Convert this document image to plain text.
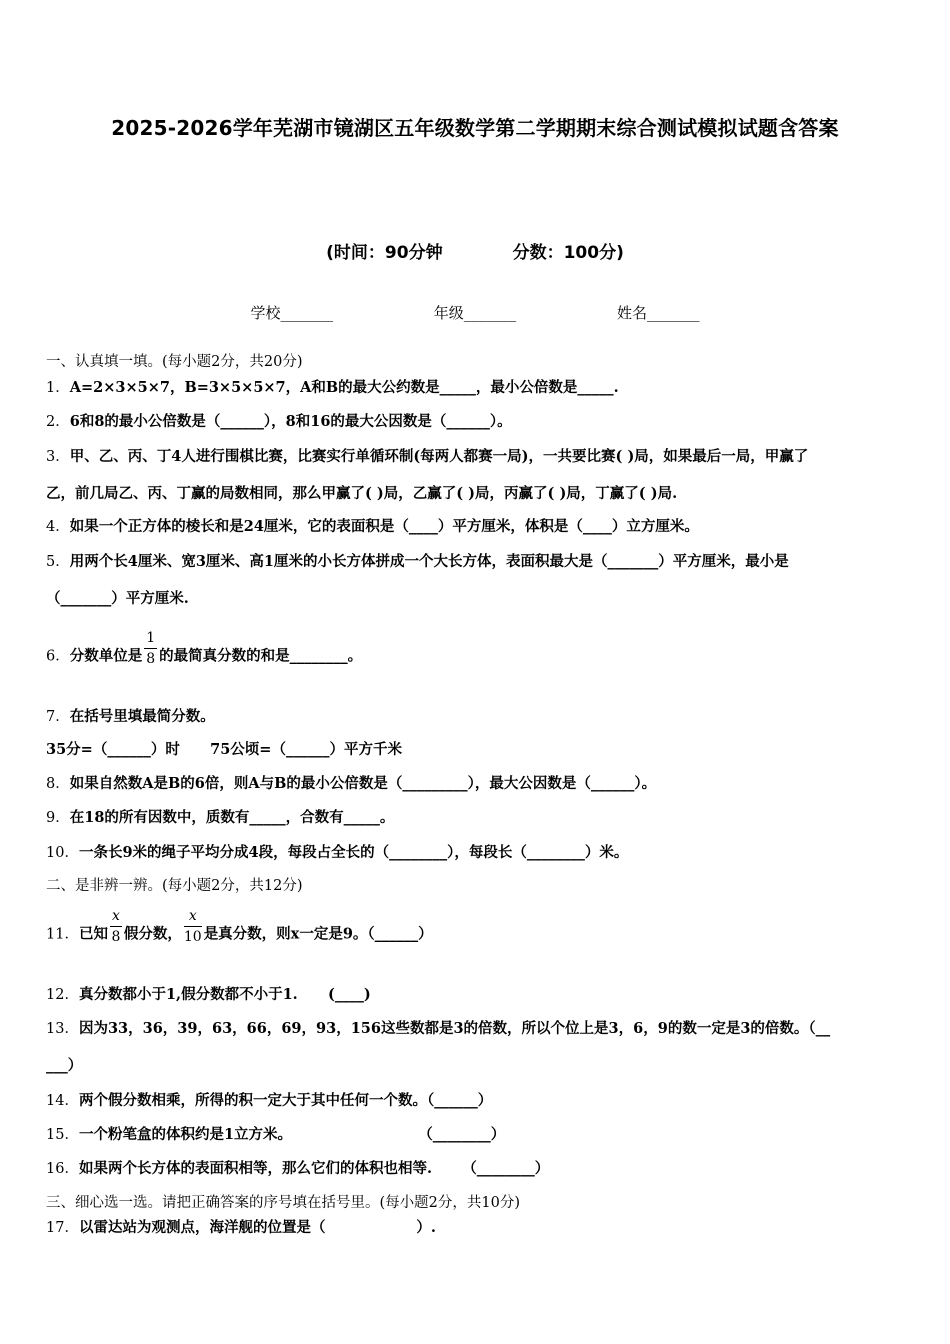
2025-2026学年芜湖市镜湖区五年级数学第二学期期末综合测试模拟试题含答案
(时间：90分钟	分数：100分)
学校_______	年级_______	姓名_______
一、认真填一填。(每小题2分，共20分)
1．A=2×3×5×7，B=3×5×5×7，A和B的最大公约数是_____，最小公倍数是_____.
2．6和8的最小公倍数是（______），8和16的最大公因数是（______）。
3．甲、乙、丙、丁4人进行围棋比赛，比赛实行单循环制(每两人都赛一局)，一共要比赛( )局，如果最后一局，甲赢了
乙，前几局乙、丙、丁赢的局数相同，那么甲赢了( )局，乙赢了( )局，丙赢了( )局，丁赢了( )局.
4．如果一个正方体的棱长和是24厘米，它的表面积是（____）平方厘米，体积是（____）立方厘米。
5．用两个长4厘米、宽3厘米、高1厘米的小长方体拼成一个大长方体，表面积最大是（_______）平方厘米，最小是
（_______）平方厘米.
6．分数单位是 $\frac{1}{8}$ 的最简真分数的和是________。
7．在括号里填最简分数。
35分=（______）时      75公顷=（______）平方千米
8．如果自然数A是B的6倍，则A与B的最小公倍数是（_________），最大公因数是（______）。
9．在18的所有因数中，质数有_____，合数有_____。
10．一条长9米的绳子平均分成4段，每段占全长的（________），每段长（________）米。
二、是非辨一辨。(每小题2分，共12分)
11．已知 $\frac{x}{8}$ 假分数， $\frac{x}{10}$ 是真分数，则x一定是9。（______）
12．真分数都小于1,假分数都不小于1.      (____)
13．因为33，36，39，63，66，69，93，156这些数都是3的倍数，所以个位上是3，6，9的数一定是3的倍数。（__
___）
14．两个假分数相乘，所得的积一定大于其中任何一个数。（______）
15．一个粉笔盒的体积约是1立方米。                         （________）
16．如果两个长方体的表面积相等，那么它们的体积也相等.      （________）
三、细心选一选。请把正确答案的序号填在括号里。(每小题2分，共10分)
17．以雷达站为观测点，海洋舰的位置是（                  ）.
